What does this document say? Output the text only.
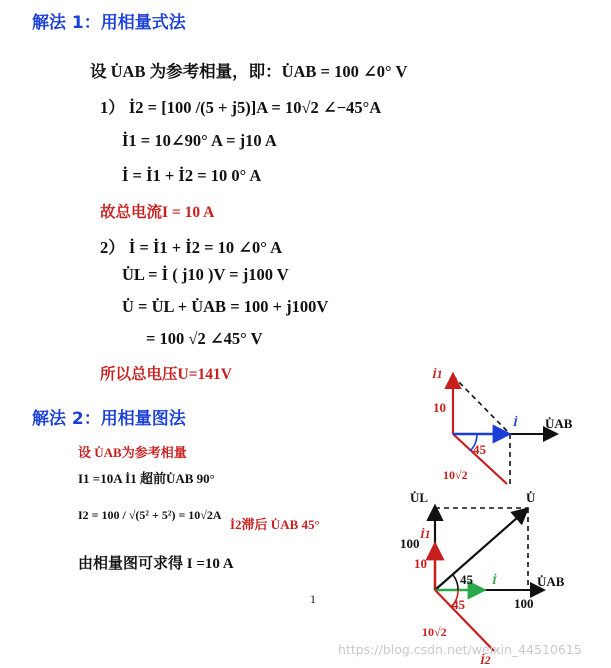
解法 1：用相量式法
设 U̇AB 为参考相量，即：U̇AB = 100 ∠0° V
1） İ2 = [100 /(5 + j5)]A = 10√2 ∠−45°A
İ1 = 10∠90° A = j10 A
İ = İ1 + İ2 = 10 0° A
故总电流I = 10 A
2） İ = İ1 + İ2 = 10 ∠0° A
U̇L = İ ( j10 )V = j100 V
U̇ = U̇L + U̇AB = 100 + j100V
= 100 √2 ∠45° V
所以总电压U=141V
解法 2：用相量图法
设 U̇AB为参考相量
I1 =10A İ1 超前U̇AB 90°
I2 = 100 / √(5² + 5²) = 10√2A
İ2滞后 U̇AB 45°
由相量图可求得 I =10 A
1
İ1
10
İ U̇AB
45
10√2
U̇L	U̇
İ1
100
10
45 İ	U̇AB
100
45
10√2
İ2
https://blog.csdn.net/weixin_44510615
